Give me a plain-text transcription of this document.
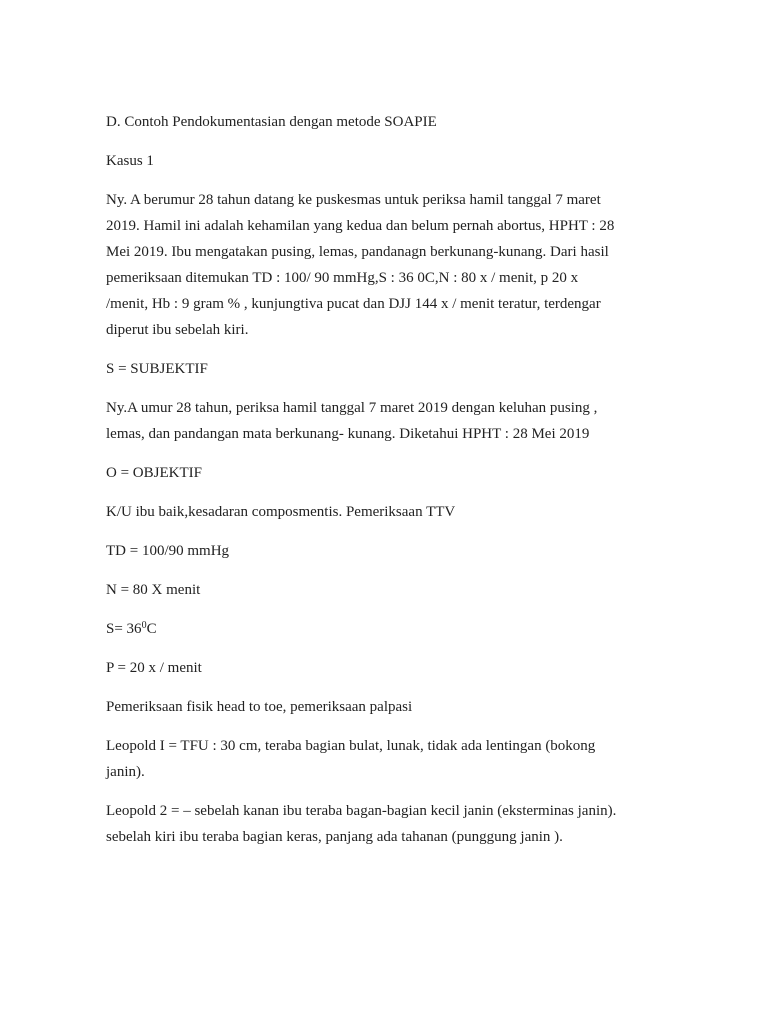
D. Contoh Pendokumentasian dengan metode SOAPIE

Kasus 1

Ny. A berumur 28 tahun datang ke puskesmas untuk periksa hamil tanggal 7 maret
2019. Hamil ini adalah kehamilan yang kedua dan belum pernah abortus, HPHT : 28
Mei 2019. Ibu mengatakan pusing, lemas, pandanagn berkunang-kunang. Dari hasil
pemeriksaan ditemukan TD : 100/ 90 mmHg,S : 36 0C,N : 80 x / menit, p 20 x
/menit, Hb : 9 gram % , kunjungtiva pucat dan DJJ 144 x / menit teratur, terdengar
diperut ibu sebelah kiri.

S = SUBJEKTIF

Ny.A umur 28 tahun, periksa hamil tanggal 7 maret 2019 dengan keluhan pusing ,
lemas, dan pandangan mata berkunang- kunang. Diketahui HPHT : 28 Mei 2019

O = OBJEKTIF

K/U ibu baik,kesadaran composmentis. Pemeriksaan TTV

TD = 100/90 mmHg

N = 80 X menit

$S= 36^0C$

P = 20 x / menit

Pemeriksaan fisik head to toe, pemeriksaan palpasi

Leopold I = TFU : 30 cm, teraba bagian bulat, lunak, tidak ada lentingan (bokong
janin).

Leopold 2 = – sebelah kanan ibu teraba bagan-bagian kecil janin (eksterminas janin).
sebelah kiri ibu teraba bagian keras, panjang ada tahanan (punggung janin ).
